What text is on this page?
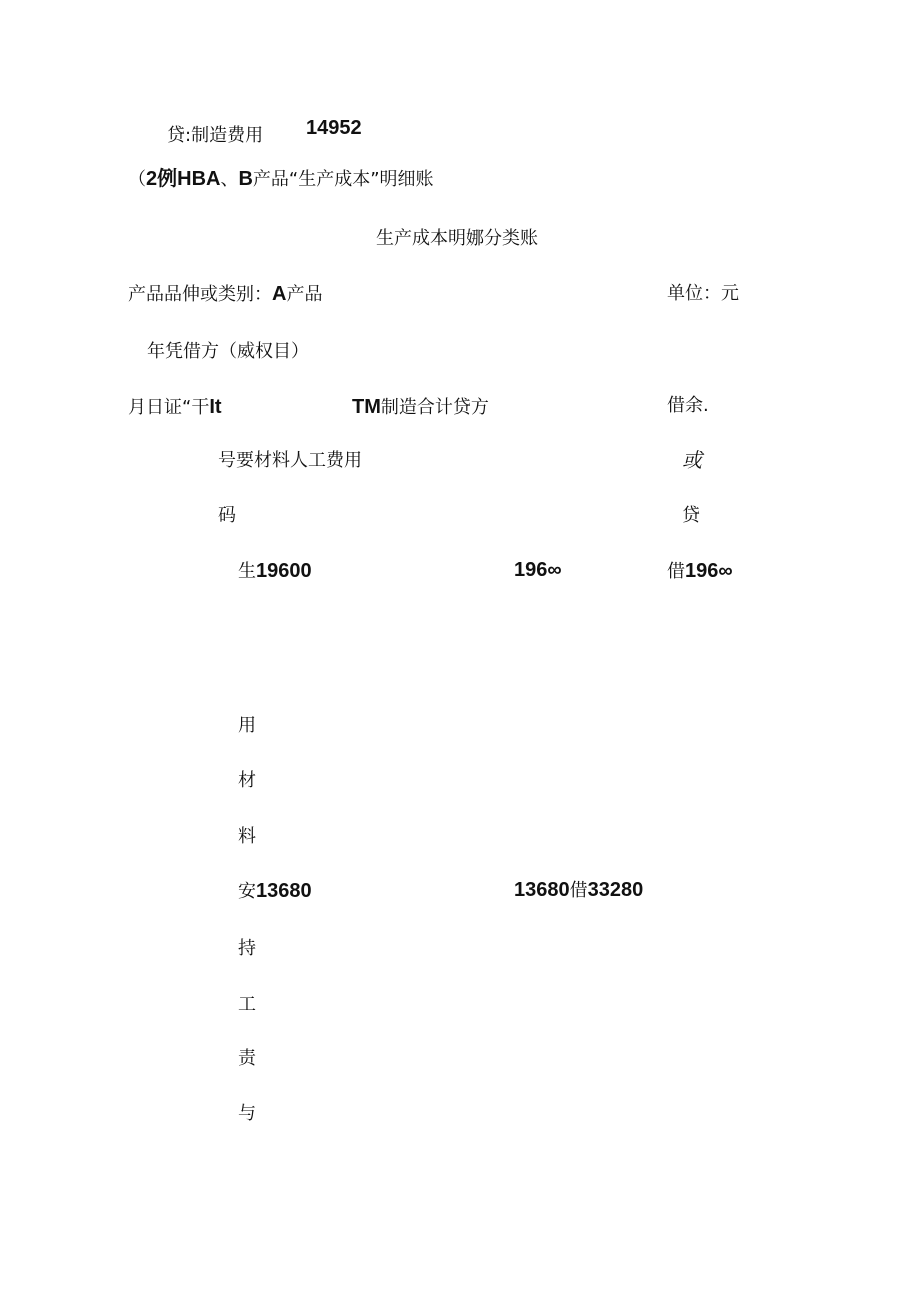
贷:制造费用 14952
（2例HBA、B产品“生产成本”明细账
生产成本明娜分类账
产品品伸或类别：A产品	单位：元
年凭借方（威权目）
月日证“干It	TM制造合计贷方	借余.
号要材料人工费用	或
码	贷
生19600	196∞	借196∞
用
材
料
安13680	13680借33280
持
工
责
与
